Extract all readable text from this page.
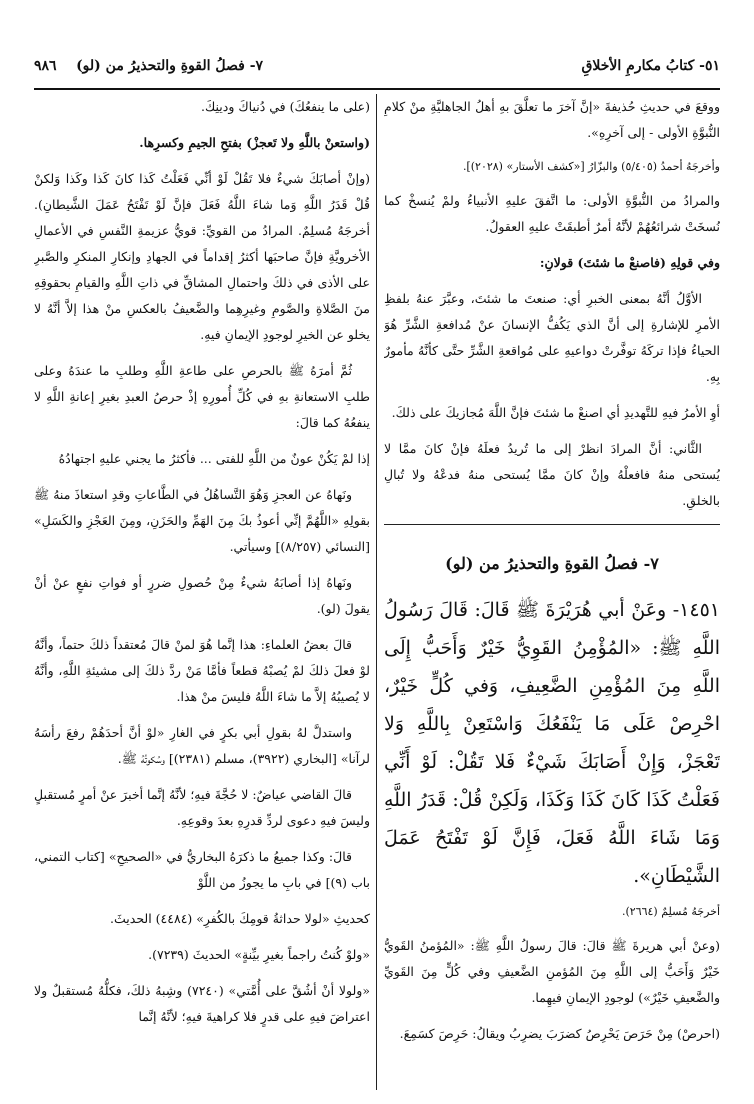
٥١- كتابُ مكارمِ الأخلاقِ
٧- فصلُ القوةِ والتحذيرُ من (لو)    ٩٨٦

ووقعَ في حديثِ حُذيفةَ «إنَّ آخرَ ما تعلَّقَ بهِ أهلُ الجاهليَّةِ منْ كلامِ النُّبوَّةِ الأولى - إلى آخرِهِ».

وأخرجَهُ أحمدُ (٥/٤٠٥) والبزّارُ [«كشف الأستار» (٢٠٢٨)].

والمرادُ من النُّبوَّةِ الأولى: ما اتَّفقَ عليهِ الأنبياءُ ولمْ يُنسخْ كما نُسخَتْ شرائعُهُمْ لأنَّهُ أمرٌ أطبقَتْ عليهِ العقولُ.

وفي قولِهِ (فاصنعْ ما شئتَ) قولانِ:

الأوَّلُ أنَّهُ بمعنى الخبرِ أي: صنعتَ ما شئتَ، وعبَّرَ عنهُ بلفظِ الأمرِ للإشارةِ إلى أنَّ الذي يَكُفُّ الإنسانَ عنْ مُدافعةِ الشَّرِّ هُوَ الحياءُ فإذا تركَهُ توفَّرتْ دواعيهِ على مُواقعةِ الشَّرِّ حتَّى كأنَّهُ مأمورٌ بِهِ.

أوِ الأمرُ فيهِ للتَّهديدِ أي اصنعْ ما شئتَ فإنَّ اللَّهَ مُجازيكَ على ذلكَ.

الثَّاني: أنَّ المرادَ انظرْ إلى ما تُريدُ فعلَهُ فإنْ كانَ ممَّا لا يُستحى منهُ فافعلْهُ وإنْ كانَ ممَّا يُستحى منهُ فدعْهُ ولا تُبالِ بالخلقِ.

٧- فصلُ القوةِ والتحذيرُ من (لو)

١٤٥١- وعَنْ أبي هُرَيْرَةَ ﷺ قَالَ: قَالَ رَسُولُ اللَّهِ ﷺ: «المُؤْمِنُ القَوِيُّ خَيْرٌ وَأَحَبُّ إِلَى اللَّهِ مِنَ المُؤْمِنِ الضَّعِيفِ، وَفي كُلٍّ خَيْرٌ، احْرِصْ عَلَى مَا يَنْفَعُكَ وَاسْتَعِنْ بِاللَّهِ وَلا تَعْجَزْ، وَإِنْ أَصَابَكَ شَيْءٌ فَلا تَقُلْ: لَوْ أَنِّي فَعَلْتُ كَذَا كَانَ كَذَا وَكَذَا، وَلَكِنْ قُلْ: قَدَرُ اللَّهِ وَمَا شَاءَ اللَّهُ فَعَلَ، فَإِنَّ لَوْ تَفْتَحُ عَمَلَ الشَّيْطَانِ».

أخرجَهُ مُسلِمٌ (٢٦٦٤).

(وعنْ أبي هريرةَ ﷺ قالَ: قالَ رسولُ اللَّهِ ﷺ: «المُؤمنُ القَويُّ خَيْرٌ وَأَحَبُّ إلى اللَّهِ مِنَ المُؤمنِ الضَّعيفِ وفي كُلٍّ مِنَ القَويِّ والضَّعيفِ خَيْرٌ») لوجودِ الإيمانِ فيهِما.

(احرصْ) مِنْ حَرَصَ يَحْرِصُ كضرَبَ يضرِبُ ويقالُ: حَرِصَ كسَمِعَ.

(على ما ينفعُكَ) في دُنياكَ ودينِكَ.

(واستعنْ باللَّهِ ولا تَعجزْ) بفتحِ الجيمِ وكسرِها.

(وإنْ أصابَكَ شيءٌ فلا تَقُلْ لَوْ أنِّي فَعَلْتُ كَذا كانَ كَذا وكَذا وَلكنْ قُلْ قَدَرُ اللَّهِ وَما شاءَ اللَّهُ فَعَلَ فإنَّ لَوْ تَفْتَحُ عَمَلَ الشَّيطانِ). أخرجَهُ مُسلِمٌ. المرادُ من القويِّ: قويُّ عزيمةِ النَّفسِ في الأعمالِ الأخرويَّةِ فإنَّ صاحبَها أكثرُ إقداماً في الجهادِ وإنكارِ المنكرِ والصَّبرِ على الأذى في ذلكَ واحتمالِ المشاقِّ في ذاتِ اللَّهِ والقيامِ بحقوقِهِ منَ الصَّلاةِ والصَّومِ وغيرِهِما والضَّعيفُ بالعكسِ منْ هذا إلاَّ أنَّهُ لا يخلو عن الخيرِ لوجودِ الإيمانِ فيهِ.

ثُمَّ أمرَهُ ﷺ بالحرصِ على طاعةِ اللَّهِ وطلبِ ما عندَهُ وعلى طلبِ الاستعانةِ بهِ في كُلِّ أُمورِهِ إذْ حرصُ العبدِ بغيرِ إعانةِ اللَّهِ لا ينفعُهُ كما قالَ:

إذا لمْ يَكُنْ عونٌ من اللَّهِ للفتى ... فأكثرُ ما يجني عليهِ اجتهادُهُ

ونَهاهُ عن العجزِ وَهُوَ التَّساهُلُ في الطَّاعاتِ وقدِ استعاذَ منهُ ﷺ بقولِهِ «اللَّهُمَّ إنِّي أعوذُ بكَ مِنَ الهَمِّ والحَزَنِ، ومِنَ العَجْزِ والكَسَلِ» [النسائي (٨/٢٥٧)] وسيأتي.

ونَهاهُ إذا أصابَهُ شيءٌ مِنْ حُصولِ ضررٍ أو فواتِ نفعٍ عنْ أنْ يقولَ (لو).

قالَ بعضُ العلماءِ: هذا إنَّما هُوَ لمنْ قالَ مُعتقداً ذلكَ حتماً، وأنَّهُ لوْ فعلَ ذلكَ لمْ يُصبْهُ قطعاً فأمَّا مَنْ ردَّ ذلكَ إلى مشيئةِ اللَّهِ، وأنَّهُ لا يُصيبُهُ إلاَّ ما شاءَ اللَّهُ فليسَ منْ هذا.

واستدلَّ لهُ بقولِ أبي بكرٍ في الغارِ «لوْ أنَّ أحدَهُمْ رفعَ رأسَهُ لرآنا» [البخاري (٣٩٢٢)، مسلم (٢٣٨١)] وسُكوتُهُ ﷺ.

قالَ القاضي عياضٌ: لا حُجَّةَ فيهِ؛ لأنَّهُ إنَّما أخبرَ عنْ أمرٍ مُستقبلٍ وليسَ فيهِ دعوى لردِّ قدرِهِ بعدَ وقوعِهِ.

قالَ: وكذا جميعُ ما ذكرَهُ البخاريُّ في «الصحيحِ» [كتاب التمني، باب (٩)] في بابِ ما يجوزُ من اللَّوْ

كحديثِ «لولا حداثةُ قومِكَ بالكُفرِ» (٤٤٨٤) الحديثَ.

«ولوْ كُنتُ راجماً بغيرِ بيِّنةٍ» الحديثَ (٧٢٣٩).

«ولولا أنْ أشُقَّ على أُمَّتي» (٧٢٤٠) وشِبهُ ذلكَ، فكلُّهُ مُستقبلٌ ولا اعتراضَ فيهِ على قدرٍ فلا كراهيةَ فيهِ؛ لأنَّهُ إنَّما
